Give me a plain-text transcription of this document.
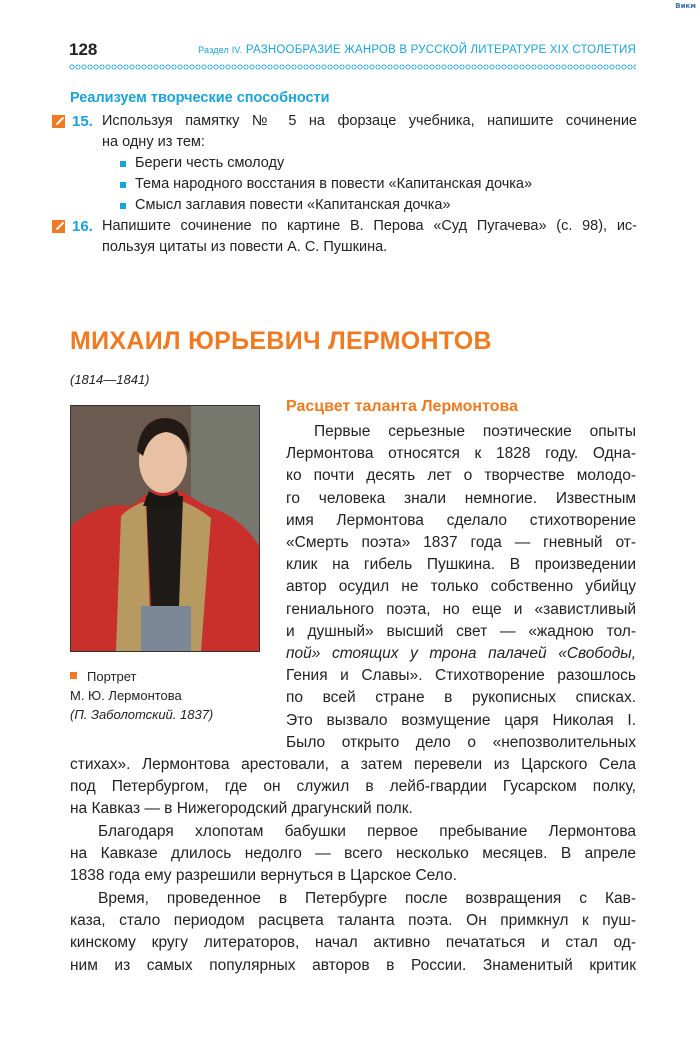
Викм
128	Раздел IV. РАЗНООБРАЗИЕ ЖАНРОВ В РУССКОЙ ЛИТЕРАТУРЕ XIX СТОЛЕТИЯ
Реализуем творческие способности
15. Используя памятку № 5 на форзаце учебника, напишите сочинение
на одну из тем:
Береги честь смолоду
Тема народного восстания в повести «Капитанская дочка»
Смысл заглавия повести «Капитанская дочка»
16. Напишите сочинение по картине В. Перова «Суд Пугачева» (с. 98), ис-
пользуя цитаты из повести А. С. Пушкина.
МИХАИЛ ЮРЬЕВИЧ ЛЕРМОНТОВ
(1814—1841)
Портрет
М. Ю. Лермонтова
(П. Заболотский. 1837)
Расцвет таланта Лермонтова
Первые серьезные поэтические опыты
Лермонтова относятся к 1828 году. Одна-
ко почти десять лет о творчестве молодо-
го человека знали немногие. Известным
имя Лермонтова сделало стихотворение
«Смерть поэта» 1837 года — гневный от-
клик на гибель Пушкина. В произведении
автор осудил не только собственно убийцу
гениального поэта, но еще и «завистливый
и душный» высший свет — «жадною тол-
пой» стоящих у трона палачей «Свободы,
Гения и Славы». Стихотворение разошлось
по всей стране в рукописных списках.
Это вызвало возмущение царя Николая I.
Было открыто дело о «непозволительных
стихах». Лермонтова арестовали, а затем перевели из Царского Села
под Петербургом, где он служил в лейб-гвардии Гусарском полку,
на Кавказ — в Нижегородский драгунский полк.
Благодаря хлопотам бабушки первое пребывание Лермонтова
на Кавказе длилось недолго — всего несколько месяцев. В апреле
1838 года ему разрешили вернуться в Царское Село.
Время, проведенное в Петербурге после возвращения с Кав-
каза, стало периодом расцвета таланта поэта. Он примкнул к пуш-
кинскому кругу литераторов, начал активно печататься и стал од-
ним из самых популярных авторов в России. Знаменитый критик
